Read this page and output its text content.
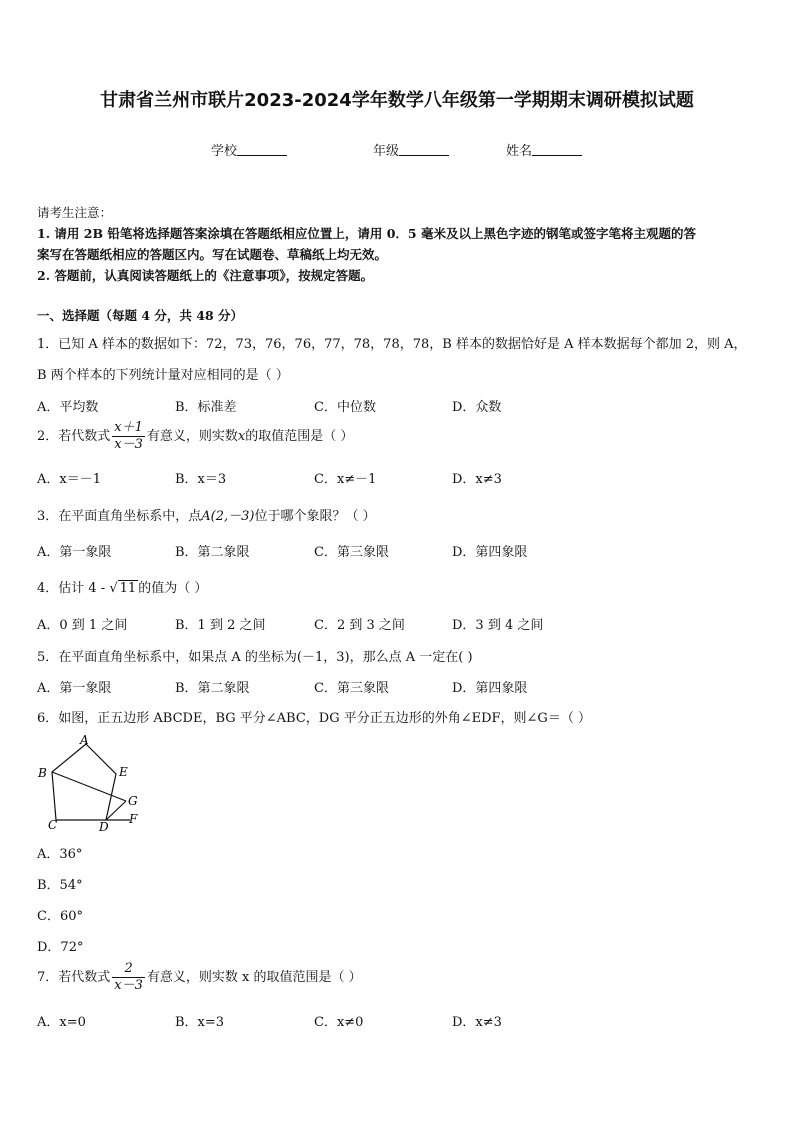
甘肃省兰州市联片2023-2024学年数学八年级第一学期期末调研模拟试题
学校	年级	姓名
请考生注意：
1. 请用 2B 铅笔将选择题答案涂填在答题纸相应位置上，请用 0．5 毫米及以上黑色字迹的钢笔或签字笔将主观题的答
案写在答题纸相应的答题区内。写在试题卷、草稿纸上均无效。
2. 答题前，认真阅读答题纸上的《注意事项》，按规定答题。
一、选择题（每题 4 分，共 48 分）
1．已知 A 样本的数据如下：72，73，76，76，77，78，78，78，B 样本的数据恰好是 A 样本数据每个都加 2，则 A，
B 两个样本的下列统计量对应相同的是（ ）
A．平均数	B．标准差	C．中位数	D．众数
2．若代数式 $\frac{x+1}{x-3}$ 有意义，则实数x的取值范围是（ ）
A．x＝－1	B．x＝3	C．x≠－1	D．x≠3
3．在平面直角坐标系中，点A(2,－3)位于哪个象限？（ ）
A．第一象限	B．第二象限	C．第三象限	D．第四象限
4．估计 4 - √ 11 的值为（ ）
A．0 到 1 之间	B．1 到 2 之间	C．2 到 3 之间	D．3 到 4 之间
5．在平面直角坐标系中，如果点 A 的坐标为(－1，3)，那么点 A 一定在( )
A．第一象限	B．第二象限	C．第三象限	D．第四象限
6．如图，正五边形 ABCDE，BG 平分∠ABC，DG 平分正五边形的外角∠EDF，则∠G＝（ ）
A
B
C	D
E
F
G
A．36°
B．54°
C．60°
D．72°
7．若代数式 $\frac{2}{x-3}$ 有意义，则实数 x 的取值范围是（ ）
A．x=0	B．x=3	C．x≠0	D．x≠3
